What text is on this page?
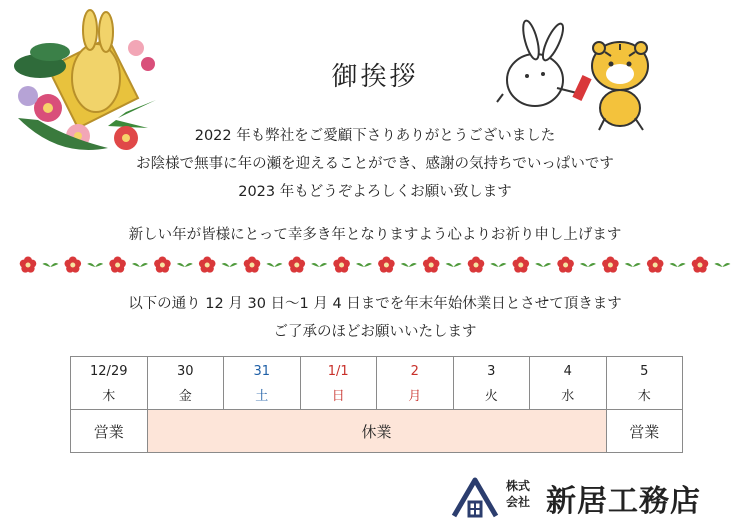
御挨拶
2022 年も弊社をご愛顧下さりありがとうございました
お陰様で無事に年の瀬を迎えることができ、感謝の気持ちでいっぱいです
2023 年もどうぞよろしくお願い致します
新しい年が皆様にとって幸多き年となりますよう心よりお祈り申し上げます
以下の通り 12 月 30 日～1 月 4 日までを年末年始休業日とさせて頂きます
ご了承のほどお願いいたします
12/29	30	31	1/1	2	3	4	5
木	金	土	日	月	火	水	木
営業	休業						営業
株式
会社 新居工務店
